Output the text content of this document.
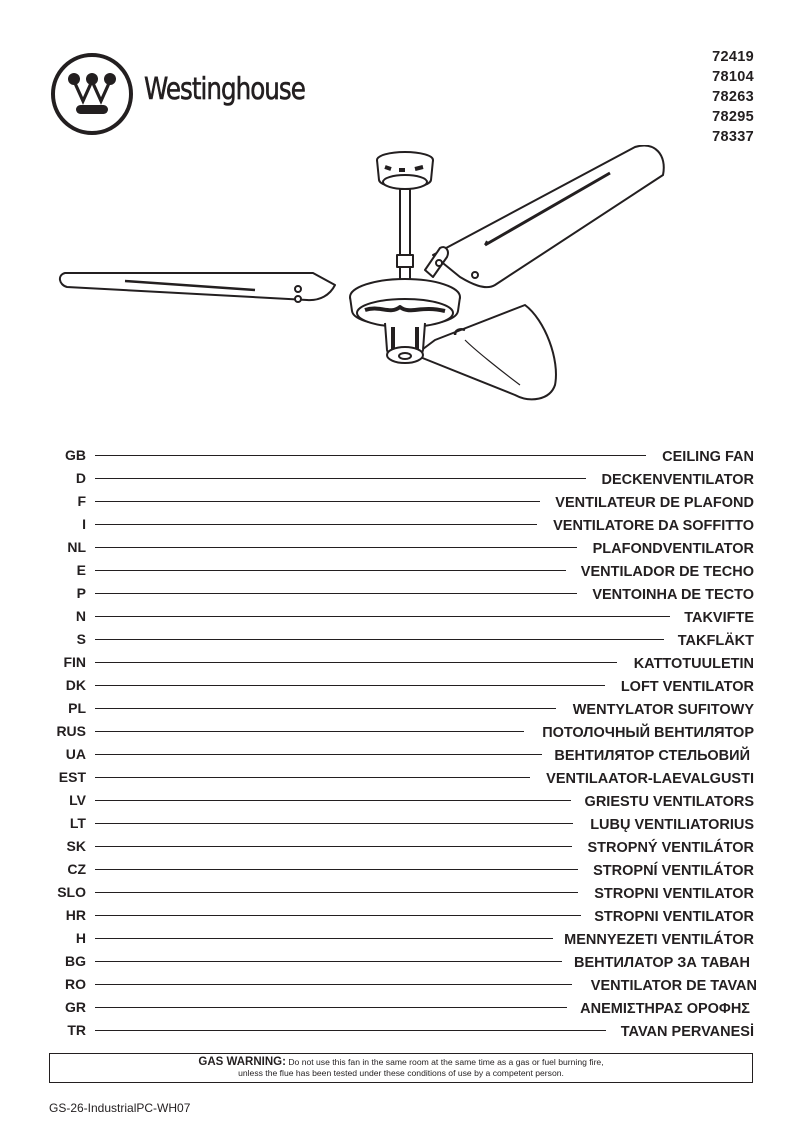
Westinghouse
72419
78104
78263
78295
78337
GB	CEILING FAN
D	DECKENVENTILATOR
F	VENTILATEUR DE PLAFOND
I	VENTILATORE DA SOFFITTO
NL	PLAFONDVENTILATOR
E	VENTILADOR DE TECHO
P	VENTOINHA DE TECTO
N	TAKVIFTE
S	TAKFLÄKT
FIN	KATTOTUULETIN
DK	LOFT VENTILATOR
PL	WENTYLATOR SUFITOWY
RUS	ПОТОЛОЧНЫЙ ВЕНТИЛЯТОР
UA	ВЕНТИЛЯТОР СТЕЛЬОВИЙ
EST	VENTILAATOR-LAEVALGUSTI
LV	GRIESTU VENTILATORS
LT	LUBŲ VENTILIATORIUS
SK	STROPNÝ VENTILÁTOR
CZ	STROPNÍ VENTILÁTOR
SLO	STROPNI VENTILATOR
HR	STROPNI VENTILATOR
H	MENNYEZETI VENTILÁTOR
BG	ВЕНТИЛАТОР ЗА ТАВАН
RO	VENTILATOR DE TAVAN
GR	ΑΝΕΜΙΣΤΗΡΑΣ ΟΡΟΦΗΣ
TR	TAVAN PERVANESİ
GAS WARNING: Do not use this fan in the same room at the same time as a gas or fuel burning fire,
unless the flue has been tested under these conditions of use by a competent person.
GS-26-IndustrialPC-WH07
